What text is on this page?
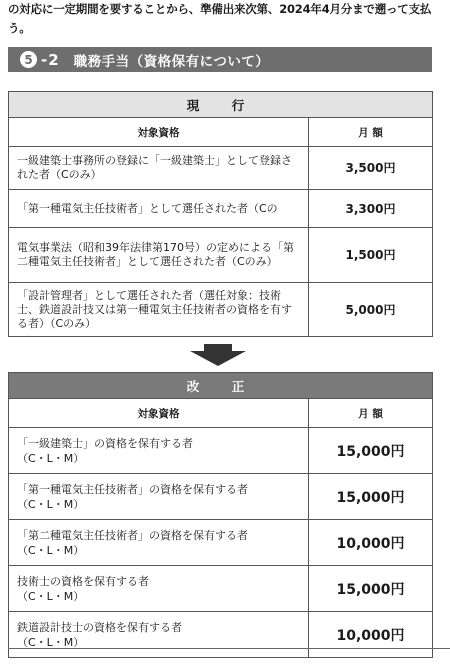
の対応に一定期間を要することから、準備出来次第、2024年4月分まで遡って支払う。
5 -2 職務手当（資格保有について）
現　行	
対象資格	月 額
一級建築士事務所の登録に「一級建築士」として登録された者（Cのみ）	3,500円
「第一種電気主任技術者」として選任された者（Cの	3,300円
電気事業法（昭和39年法律第170号）の定めによる「第二種電気主任技術者」として選任された者（Cのみ）	1,500円
「設計管理者」として選任された者（選任対象：技術士、鉄道設計技又は第一種電気主任技術者の資格を有する者）（Cのみ）	5,000円
改　正	
対象資格	月 額

「一級建築士」の資格を保有する者
（C・L・M）	15,000円

「第一種電気主任技術者」の資格を保有する者
（C・L・M）	15,000円

「第二種電気主任技術者」の資格を保有する者
（C・L・M）	10,000円

技術士の資格を保有する者
（C・L・M）	15,000円

鉄道設計技士の資格を保有する者
（C・L・M）	10,000円
